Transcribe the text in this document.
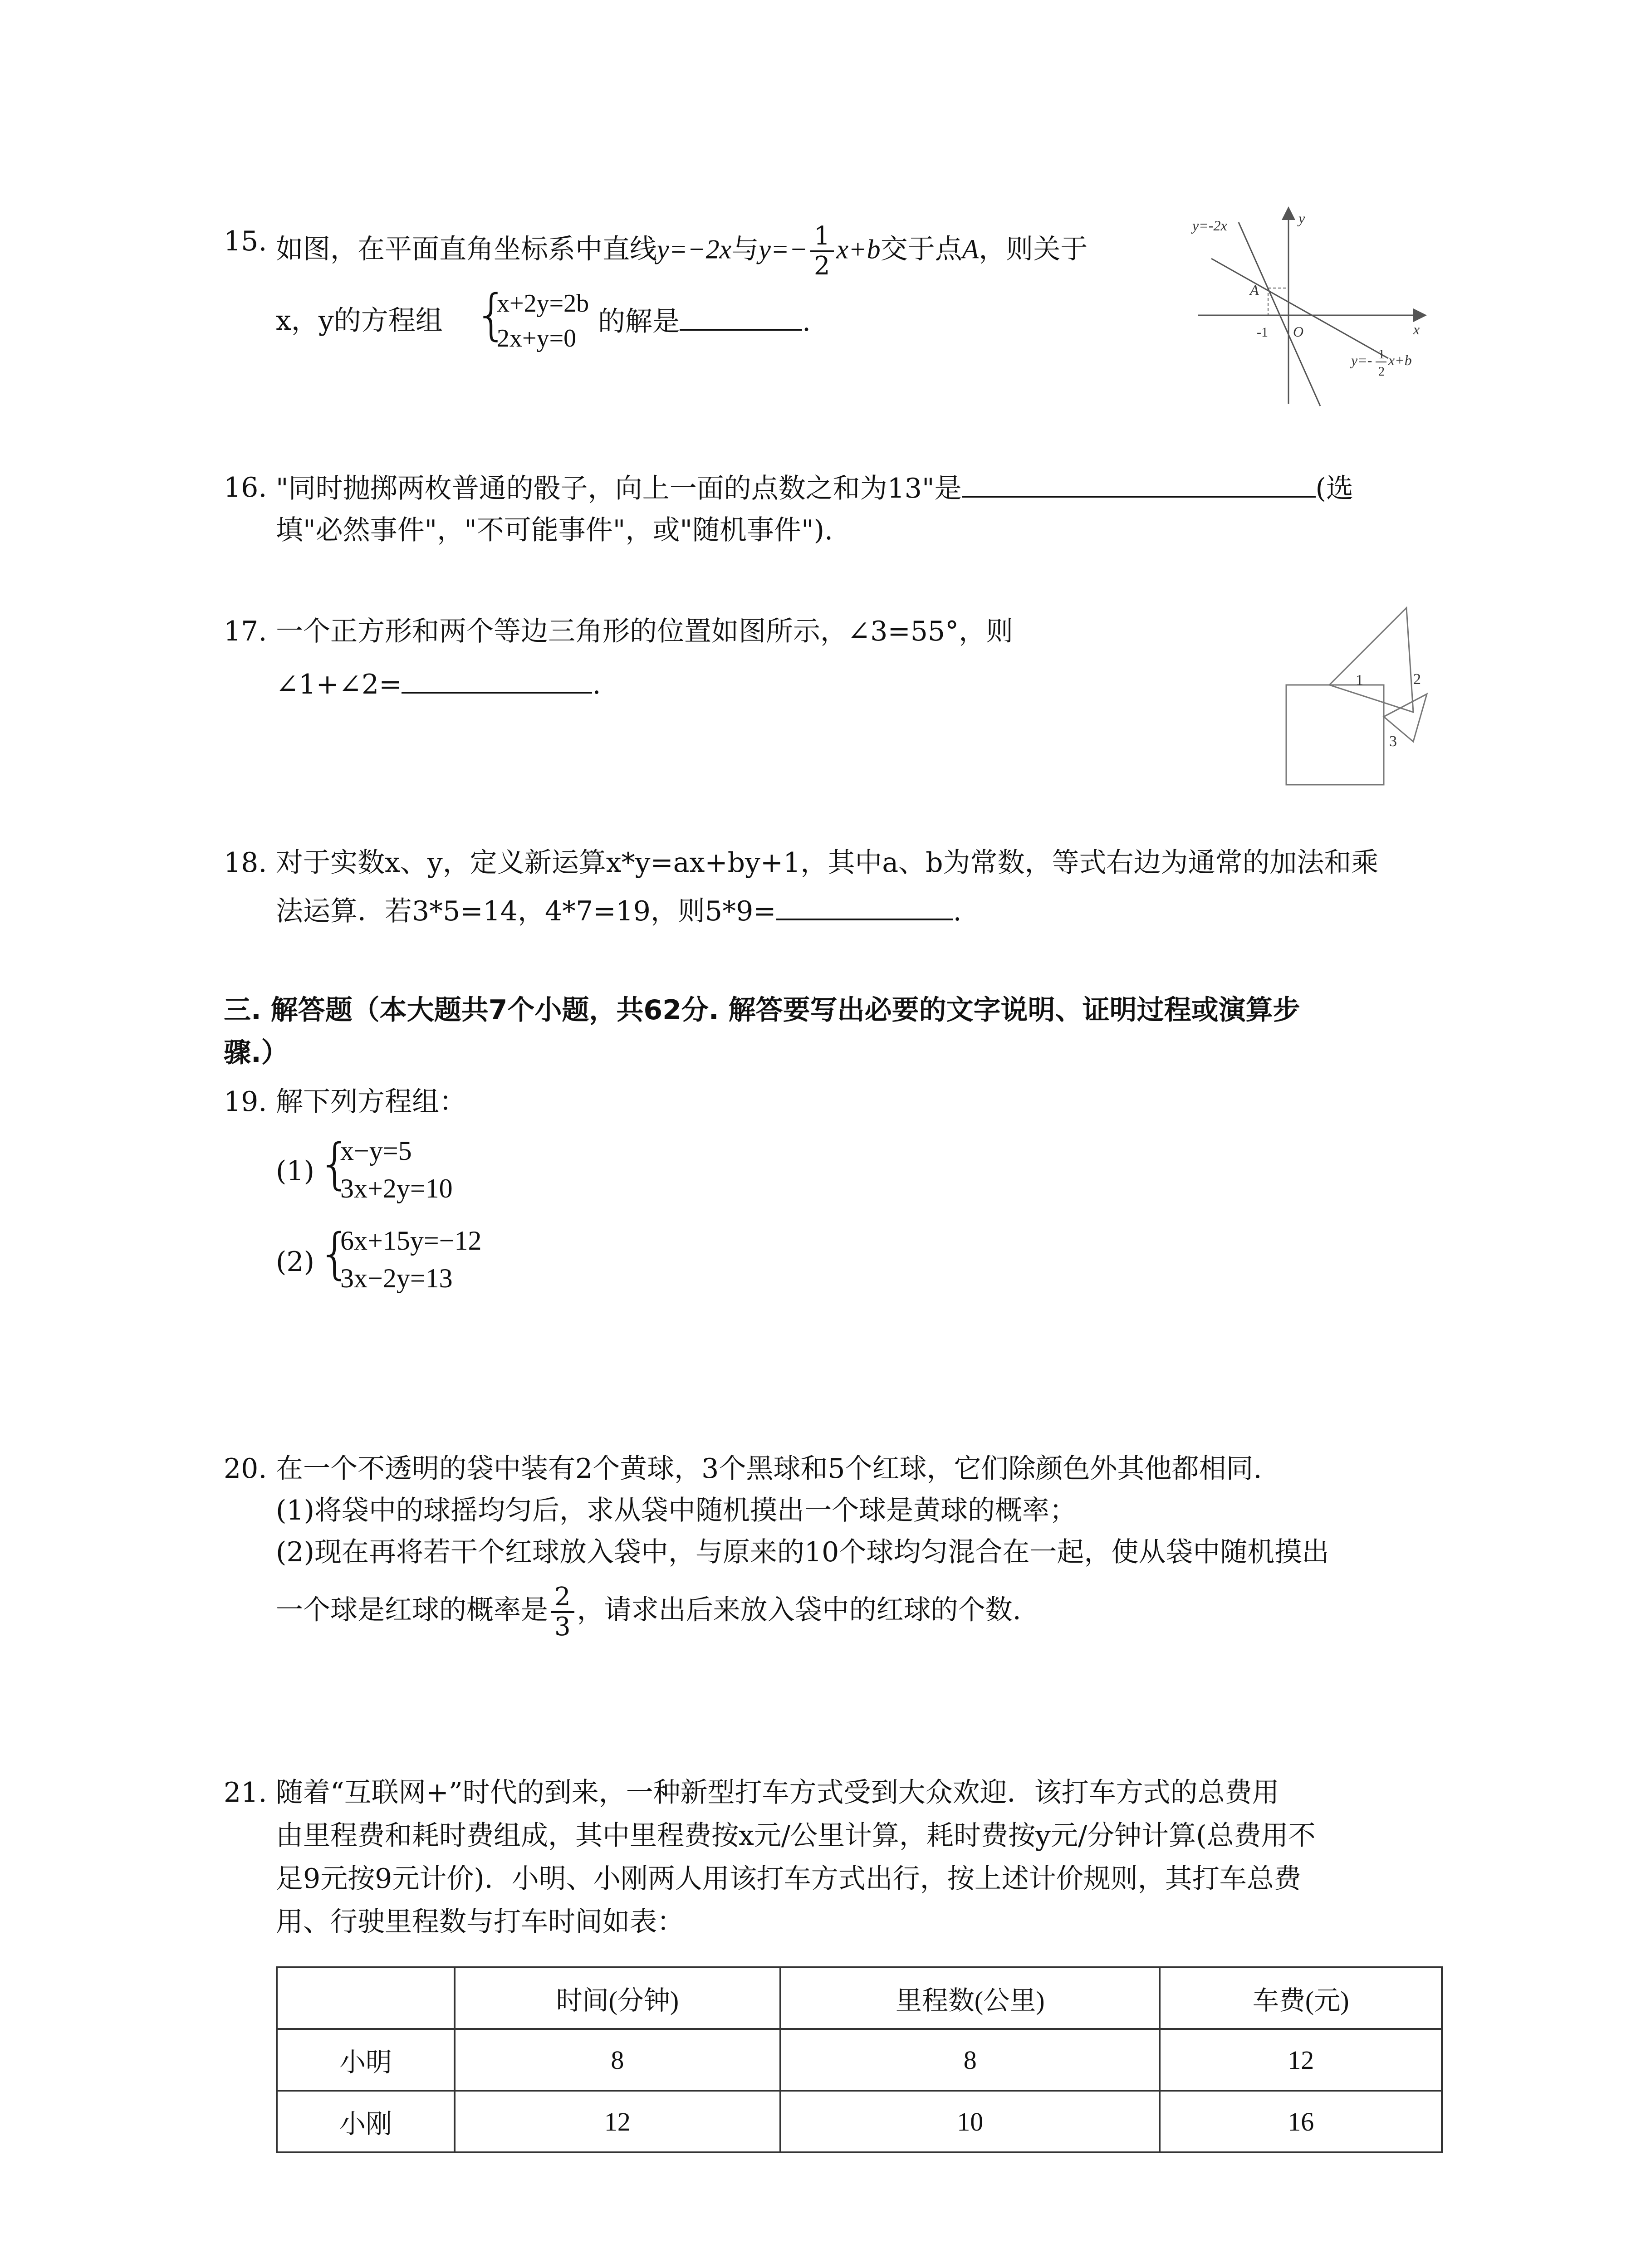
15. 如图，在平面直角坐标系中直线y=−2x与$y=- \frac{1}{2} x+b$交于点A，则关于
x，y的方程组 {
x+2y=2b
2x+y=0
的解是	.
y=-2x	y
x
A
-1 O
y=- 1
2
x+b
16. "同时抛掷两枚普通的骰子，向上一面的点数之和为13"是	(选
填"必然事件"，"不可能事件"，或"随机事件").
17. 一个正方形和两个等边三角形的位置如图所示，∠3=55°，则
∠1+∠2=	.	1	2
3
18. 对于实数x、y，定义新运算x*y=ax+by+1，其中a、b为常数，等式右边为通常的加法和乘
法运算．若3*5=14，4*7=19，则5*9=	.
三. 解答题（本大题共7个小题，共62分. 解答要写出必要的文字说明、证明过程或演算步
骤.）
19. 解下列方程组：
(1) {
x−y=5
3x+2y=10
(2) {
6x+15y=−12
3x−2y=13
20. 在一个不透明的袋中装有2个黄球，3个黑球和5个红球，它们除颜色外其他都相同.
(1)将袋中的球摇均匀后，求从袋中随机摸出一个球是黄球的概率；
(2)现在再将若干个红球放入袋中，与原来的10个球均匀混合在一起，使从袋中随机摸出
一个球是红球的概率是 $\frac{2}{3}$ ，请求出后来放入袋中的红球的个数.
21. 随着“互联网+”时代的到来，一种新型打车方式受到大众欢迎．该打车方式的总费用
由里程费和耗时费组成，其中里程费按x元/公里计算，耗时费按y元/分钟计算(总费用不
足9元按9元计价)．小明、小刚两人用该打车方式出行，按上述计价规则，其打车总费
用、行驶里程数与打车时间如表：
	时间(分钟)	里程数(公里)	车费(元)
小明	8	8	12
小刚	12	10	16
